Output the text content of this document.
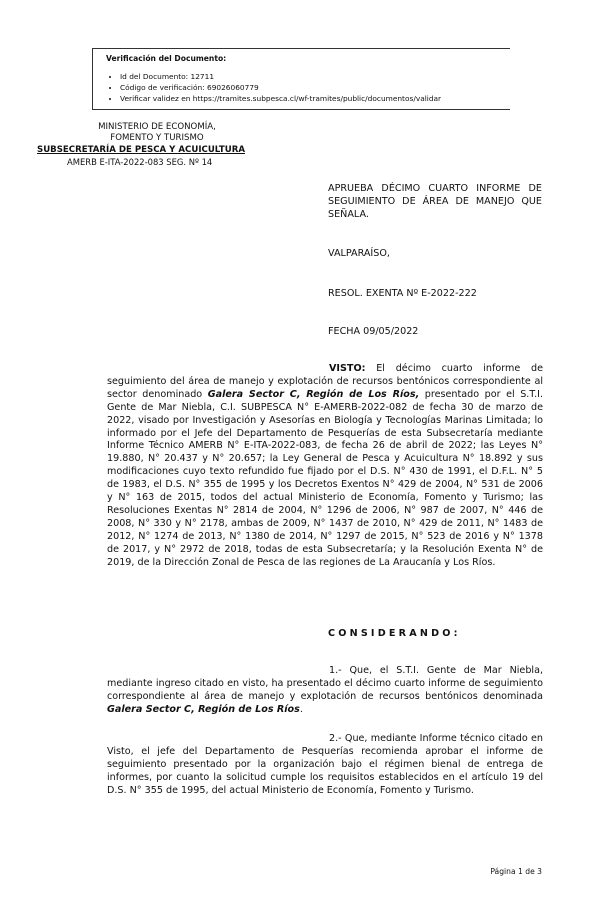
Verificación del Documento:
• Id del Documento: 12711
• Código de verificación: 69026060779
• Verificar validez en https://tramites.subpesca.cl/wf-tramites/public/documentos/validar
MINISTERIO DE ECONOMÍA,
FOMENTO Y TURISMO
SUBSECRETARÍA DE PESCA Y ACUICULTURA
AMERB E-ITA-2022-083 SEG. Nº 14
APRUEBA DÉCIMO CUARTO INFORME DE SEGUIMIENTO DE ÁREA DE MANEJO QUE SEÑALA.
VALPARAÍSO,
RESOL. EXENTA Nº E-2022-222
FECHA 09/05/2022
VISTO: El décimo cuarto informe de seguimiento del área de manejo y explotación de recursos bentónicos correspondiente al sector denominado Galera Sector C, Región de Los Ríos, presentado por el S.T.I. Gente de Mar Niebla, C.I. SUBPESCA N° E-AMERB-2022-082 de fecha 30 de marzo de 2022, visado por Investigación y Asesorías en Biología y Tecnologías Marinas Limitada; lo informado por el Jefe del Departamento de Pesquerías de esta Subsecretaría mediante Informe Técnico AMERB N° E-ITA-2022-083, de fecha 26 de abril de 2022; las Leyes N° 19.880, N° 20.437 y N° 20.657; la Ley General de Pesca y Acuicultura N° 18.892 y sus modificaciones cuyo texto refundido fue fijado por el D.S. N° 430 de 1991, el D.F.L. N° 5 de 1983, el D.S. N° 355 de 1995 y los Decretos Exentos N° 429 de 2004, N° 531 de 2006 y N° 163 de 2015, todos del actual Ministerio de Economía, Fomento y Turismo; las Resoluciones Exentas N° 2814 de 2004, N° 1296 de 2006, N° 987 de 2007, N° 446 de 2008, N° 330 y N° 2178, ambas de 2009, N° 1437 de 2010, N° 429 de 2011, N° 1483 de 2012, N° 1274 de 2013, N° 1380 de 2014, N° 1297 de 2015, N° 523 de 2016 y N° 1378 de 2017, y N° 2972 de 2018, todas de esta Subsecretaría; y la Resolución Exenta N° de 2019, de la Dirección Zonal de Pesca de las regiones de La Araucanía y Los Ríos.
CONSIDERANDO:
1.- Que, el S.T.I. Gente de Mar Niebla, mediante ingreso citado en visto, ha presentado el décimo cuarto informe de seguimiento correspondiente al área de manejo y explotación de recursos bentónicos denominada Galera Sector C, Región de Los Ríos.
2.- Que, mediante Informe técnico citado en Visto, el jefe del Departamento de Pesquerías recomienda aprobar el informe de seguimiento presentado por la organización bajo el régimen bienal de entrega de informes, por cuanto la solicitud cumple los requisitos establecidos en el artículo 19 del D.S. N° 355 de 1995, del actual Ministerio de Economía, Fomento y Turismo.
Página 1 de 3
